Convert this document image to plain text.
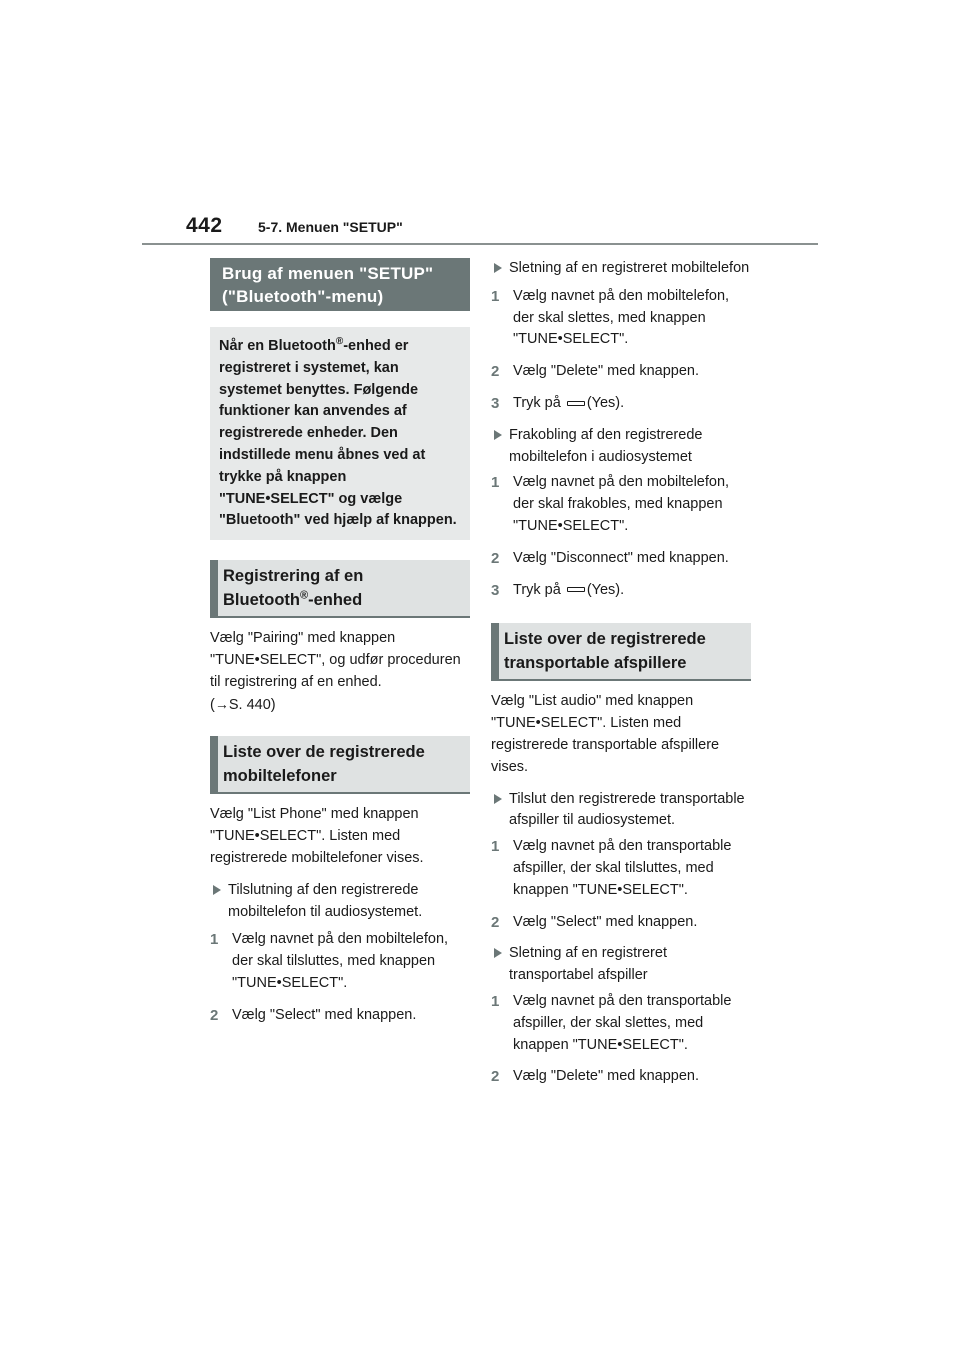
442	5-7. Menuen "SETUP"
Brug af menuen "SETUP" ("Bluetooth"-menu)
Når en Bluetooth®-enhed er registreret i systemet, kan systemet benyttes. Følgende funktioner kan anvendes af registrerede enheder. Den indstillede menu åbnes ved at trykke på knappen "TUNE•SELECT" og vælge "Bluetooth" ved hjælp af knappen.
Registrering af en
Bluetooth®-enhed

Vælg "Pairing" med knappen "TUNE•SELECT", og udfør proceduren til registrering af en enhed.
(→S. 440)

Liste over de registrerede mobiltelefoner

Vælg "List Phone" med knappen "TUNE•SELECT". Listen med registrerede mobiltelefoner vises.

Tilslutning af den registrerede mobiltelefon til audiosystemet.
1 Vælg navnet på den mobiltelefon, der skal tilsluttes, med knappen "TUNE•SELECT".
2 Vælg "Select" med knappen.
Sletning af en registreret mobiltelefon
1 Vælg navnet på den mobiltelefon, der skal slettes, med knappen "TUNE•SELECT".
2 Vælg "Delete" med knappen.
3 Tryk på (Yes).
Frakobling af den registrerede mobiltelefon i audiosystemet
1 Vælg navnet på den mobiltelefon, der skal frakobles, med knappen "TUNE•SELECT".
2 Vælg "Disconnect" med knappen.
3 Tryk på (Yes).
Liste over de registrerede transportable afspillere

Vælg "List audio" med knappen "TUNE•SELECT". Listen med registrerede transportable afspillere vises.

Tilslut den registrerede transportable afspiller til audiosystemet.
1 Vælg navnet på den transportable afspiller, der skal tilsluttes, med knappen "TUNE•SELECT".
2 Vælg "Select" med knappen.
Sletning af en registreret transportabel afspiller
1 Vælg navnet på den transportable afspiller, der skal slettes, med knappen "TUNE•SELECT".
2 Vælg "Delete" med knappen.
